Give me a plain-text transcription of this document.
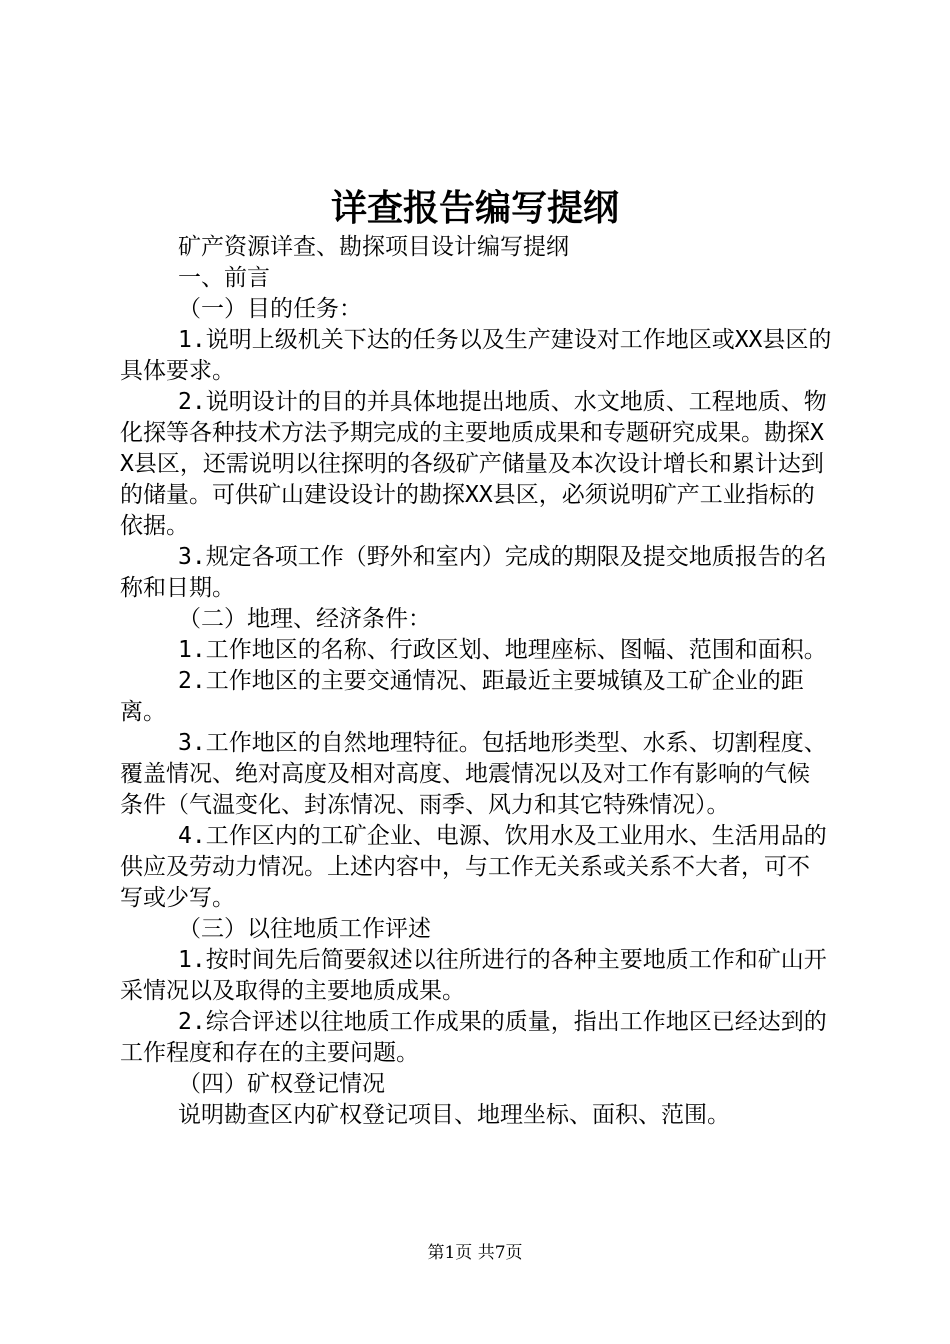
详查报告编写提纲

矿产资源详查、勘探项目设计编写提纲

一、前言

（一）目的任务：

1.说明上级机关下达的任务以及生产建设对工作地区或XX县区的具体要求。

2.说明设计的目的并具体地提出地质、水文地质、工程地质、物化探等各种技术方法予期完成的主要地质成果和专题研究成果。勘探XX县区，还需说明以往探明的各级矿产储量及本次设计增长和累计达到的储量。可供矿山建设设计的勘探XX县区，必须说明矿产工业指标的依据。

3.规定各项工作（野外和室内）完成的期限及提交地质报告的名称和日期。

（二）地理、经济条件：

1.工作地区的名称、行政区划、地理座标、图幅、范围和面积。

2.工作地区的主要交通情况、距最近主要城镇及工矿企业的距离。

3.工作地区的自然地理特征。包括地形类型、水系、切割程度、覆盖情况、绝对高度及相对高度、地震情况以及对工作有影响的气候条件（气温变化、封冻情况、雨季、风力和其它特殊情况）。

4.工作区内的工矿企业、电源、饮用水及工业用水、生活用品的供应及劳动力情况。上述内容中，与工作无关系或关系不大者，可不写或少写。

（三）以往地质工作评述

1.按时间先后简要叙述以往所进行的各种主要地质工作和矿山开采情况以及取得的主要地质成果。

2.综合评述以往地质工作成果的质量，指出工作地区已经达到的工作程度和存在的主要问题。

（四）矿权登记情况

说明勘查区内矿权登记项目、地理坐标、面积、范围。

第1页 共7页
